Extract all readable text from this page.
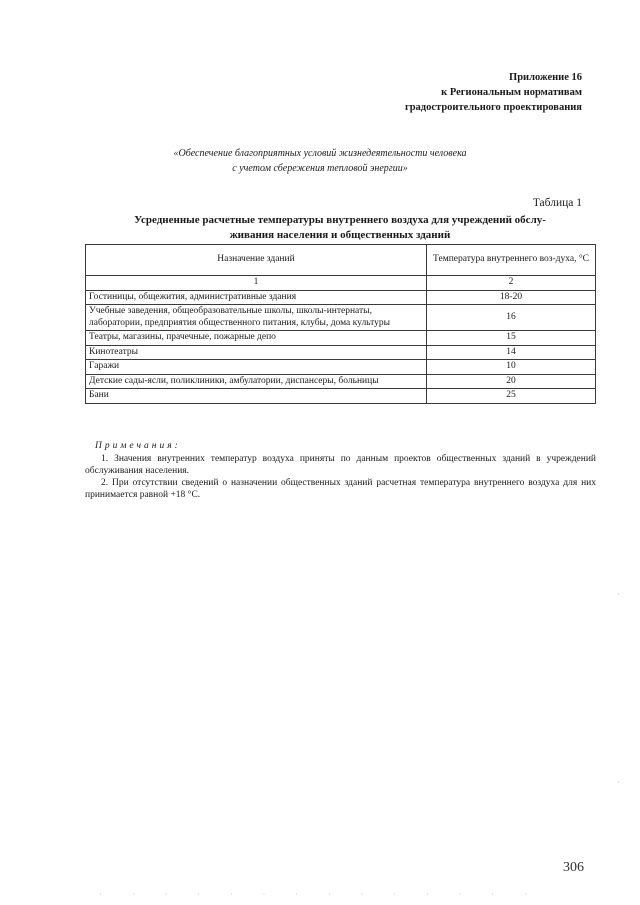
Приложение 16
к Региональным нормативам
градостроительного проектирования
«Обеспечение благоприятных условий жизнедеятельности человека
с учетом сбережения тепловой энергии»
Таблица 1
Усредненные расчетные температуры внутреннего воздуха для учреждений обслу-
живания населения и общественных зданий
Назначение зданий	Температура внутреннего воз-духа, °С
1	2
Гостиницы, общежития, административные здания	18-20
Учебные заведения, общеобразовательные школы, школы-интернаты, лаборатории, предприятия общественного питания, клубы, дома культуры	16
Театры, магазины, прачечные, пожарные депо	15
Кинотеатры	14
Гаражи	10
Детские сады-ясли, поликлиники, амбулатории, диспансеры, больницы	20
Бани	25
Примечания:

1. Значения внутренних температур воздуха приняты по данным проектов общественных зданий в учреждений обслуживания населения.

2. При отсутствии сведений о назначении общественных зданий расчетная температура внутреннего воздуха для них принимается равной +18 °С.

306
· · · · · · · · · · · · · ·
·
·
